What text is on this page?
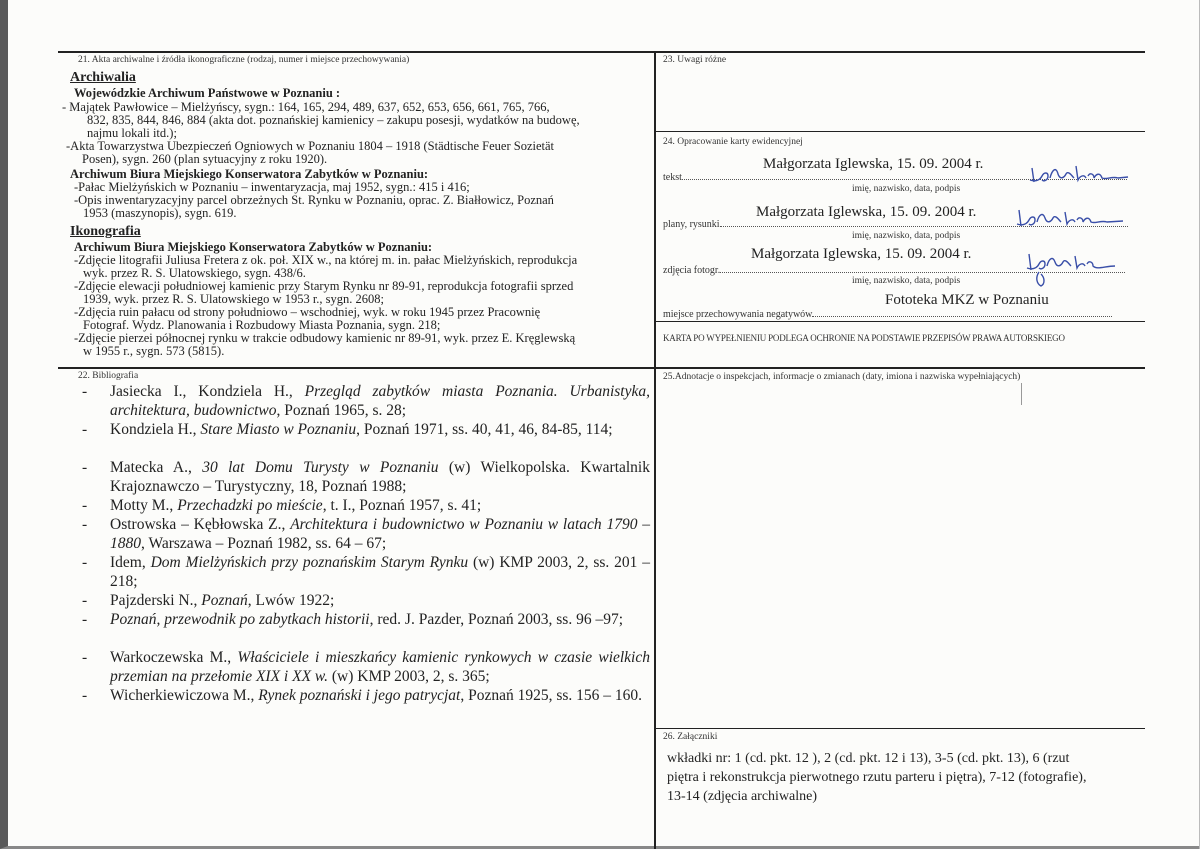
21. Akta archiwalne i źródła ikonograficzne (rodzaj, numer i miejsce przechowywania)
Archiwalia
Wojewódzkie Archiwum Państwowe w Poznaniu :
- Majątek Pawłowice – Mielżyńscy, sygn.: 164, 165, 294, 489, 637, 652, 653, 656, 661, 765, 766,
832, 835, 844, 846, 884 (akta dot. poznańskiej kamienicy – zakupu posesji, wydatków na budowę,
najmu lokali itd.);
-Akta Towarzystwa Ubezpieczeń Ogniowych w Poznaniu 1804 – 1918 (Städtische Feuer Sozietät
Posen), sygn. 260 (plan sytuacyjny z roku 1920).
Archiwum Biura Miejskiego Konserwatora Zabytków w Poznaniu:
-Pałac Mielżyńskich w Poznaniu – inwentaryzacja, maj 1952, sygn.: 415 i 416;
-Opis inwentaryzacyjny parcel obrzeżnych St. Rynku w Poznaniu, oprac. Z. Białłowicz, Poznań
1953 (maszynopis), sygn. 619.
Ikonografia
Archiwum Biura Miejskiego Konserwatora Zabytków w Poznaniu:
-Zdjęcie litografii Juliusa Fretera z ok. poł. XIX w., na której m. in. pałac Mielżyńskich, reprodukcja
wyk. przez R. S. Ulatowskiego, sygn. 438/6.
-Zdjęcie elewacji południowej kamienic przy Starym Rynku nr 89-91, reprodukcja fotografii sprzed
1939, wyk. przez R. S. Ulatowskiego w 1953 r., sygn. 2608;
-Zdjęcia ruin pałacu od strony południowo – wschodniej, wyk. w roku 1945 przez Pracownię
Fotograf. Wydz. Planowania i Rozbudowy Miasta Poznania, sygn. 218;
-Zdjęcie pierzei północnej rynku w trakcie odbudowy kamienic nr 89-91, wyk. przez E. Kręglewską
w 1955 r., sygn. 573 (5815).
22. Bibliografia
- Jasiecka I., Kondziela H., Przegląd zabytków miasta Poznania. Urbanistyka, architektura, budownictwo, Poznań 1965, s. 28;
- Kondziela H., Stare Miasto w Poznaniu, Poznań 1971, ss. 40, 41, 46, 84-85, 114;
- Matecka A., 30 lat Domu Turysty w Poznaniu (w) Wielkopolska. Kwartalnik Krajoznawczo – Turystyczny, 18, Poznań 1988;
- Motty M., Przechadzki po mieście, t. I., Poznań 1957, s. 41;
- Ostrowska – Kębłowska Z., Architektura i budownictwo w Poznaniu w latach 1790 – 1880, Warszawa – Poznań 1982, ss. 64 – 67;
- Idem, Dom Mielżyńskich przy poznańskim Starym Rynku (w) KMP 2003, 2, ss. 201 – 218;
- Pajzderski N., Poznań, Lwów 1922;
- Poznań, przewodnik po zabytkach historii, red. J. Pazder, Poznań 2003, ss. 96 –97;
- Warkoczewska M., Właściciele i mieszkańcy kamienic rynkowych w czasie wielkich przemian na przełomie XIX i XX w. (w) KMP 2003, 2, s. 365;
- Wicherkiewiczowa M., Rynek poznański i jego patrycjat, Poznań 1925, ss. 156 – 160.
23. Uwagi różne
24. Opracowanie karty ewidencyjnej
Małgorzata Iglewska, 15. 09. 2004 r.
tekst
imię, nazwisko, data, podpis
Małgorzata Iglewska, 15. 09. 2004 r.
plany, rysunki
imię, nazwisko, data, podpis
Małgorzata Iglewska, 15. 09. 2004 r.
zdjęcia fotogr.
imię, nazwisko, data, podpis
Fototeka MKZ w Poznaniu
miejsce przechowywania negatywów
KARTA PO WYPEŁNIENIU PODLEGA OCHRONIE NA PODSTAWIE PRZEPISÓW PRAWA AUTORSKIEGO
25.Adnotacje o inspekcjach, informacje o zmianach (daty, imiona i nazwiska wypełniających)
26. Załączniki
wkładki nr: 1 (cd. pkt. 12 ), 2 (cd. pkt. 12 i 13), 3-5 (cd. pkt. 13), 6 (rzut
piętra i rekonstrukcja pierwotnego rzutu parteru i piętra), 7-12 (fotografie),
13-14 (zdjęcia archiwalne)
